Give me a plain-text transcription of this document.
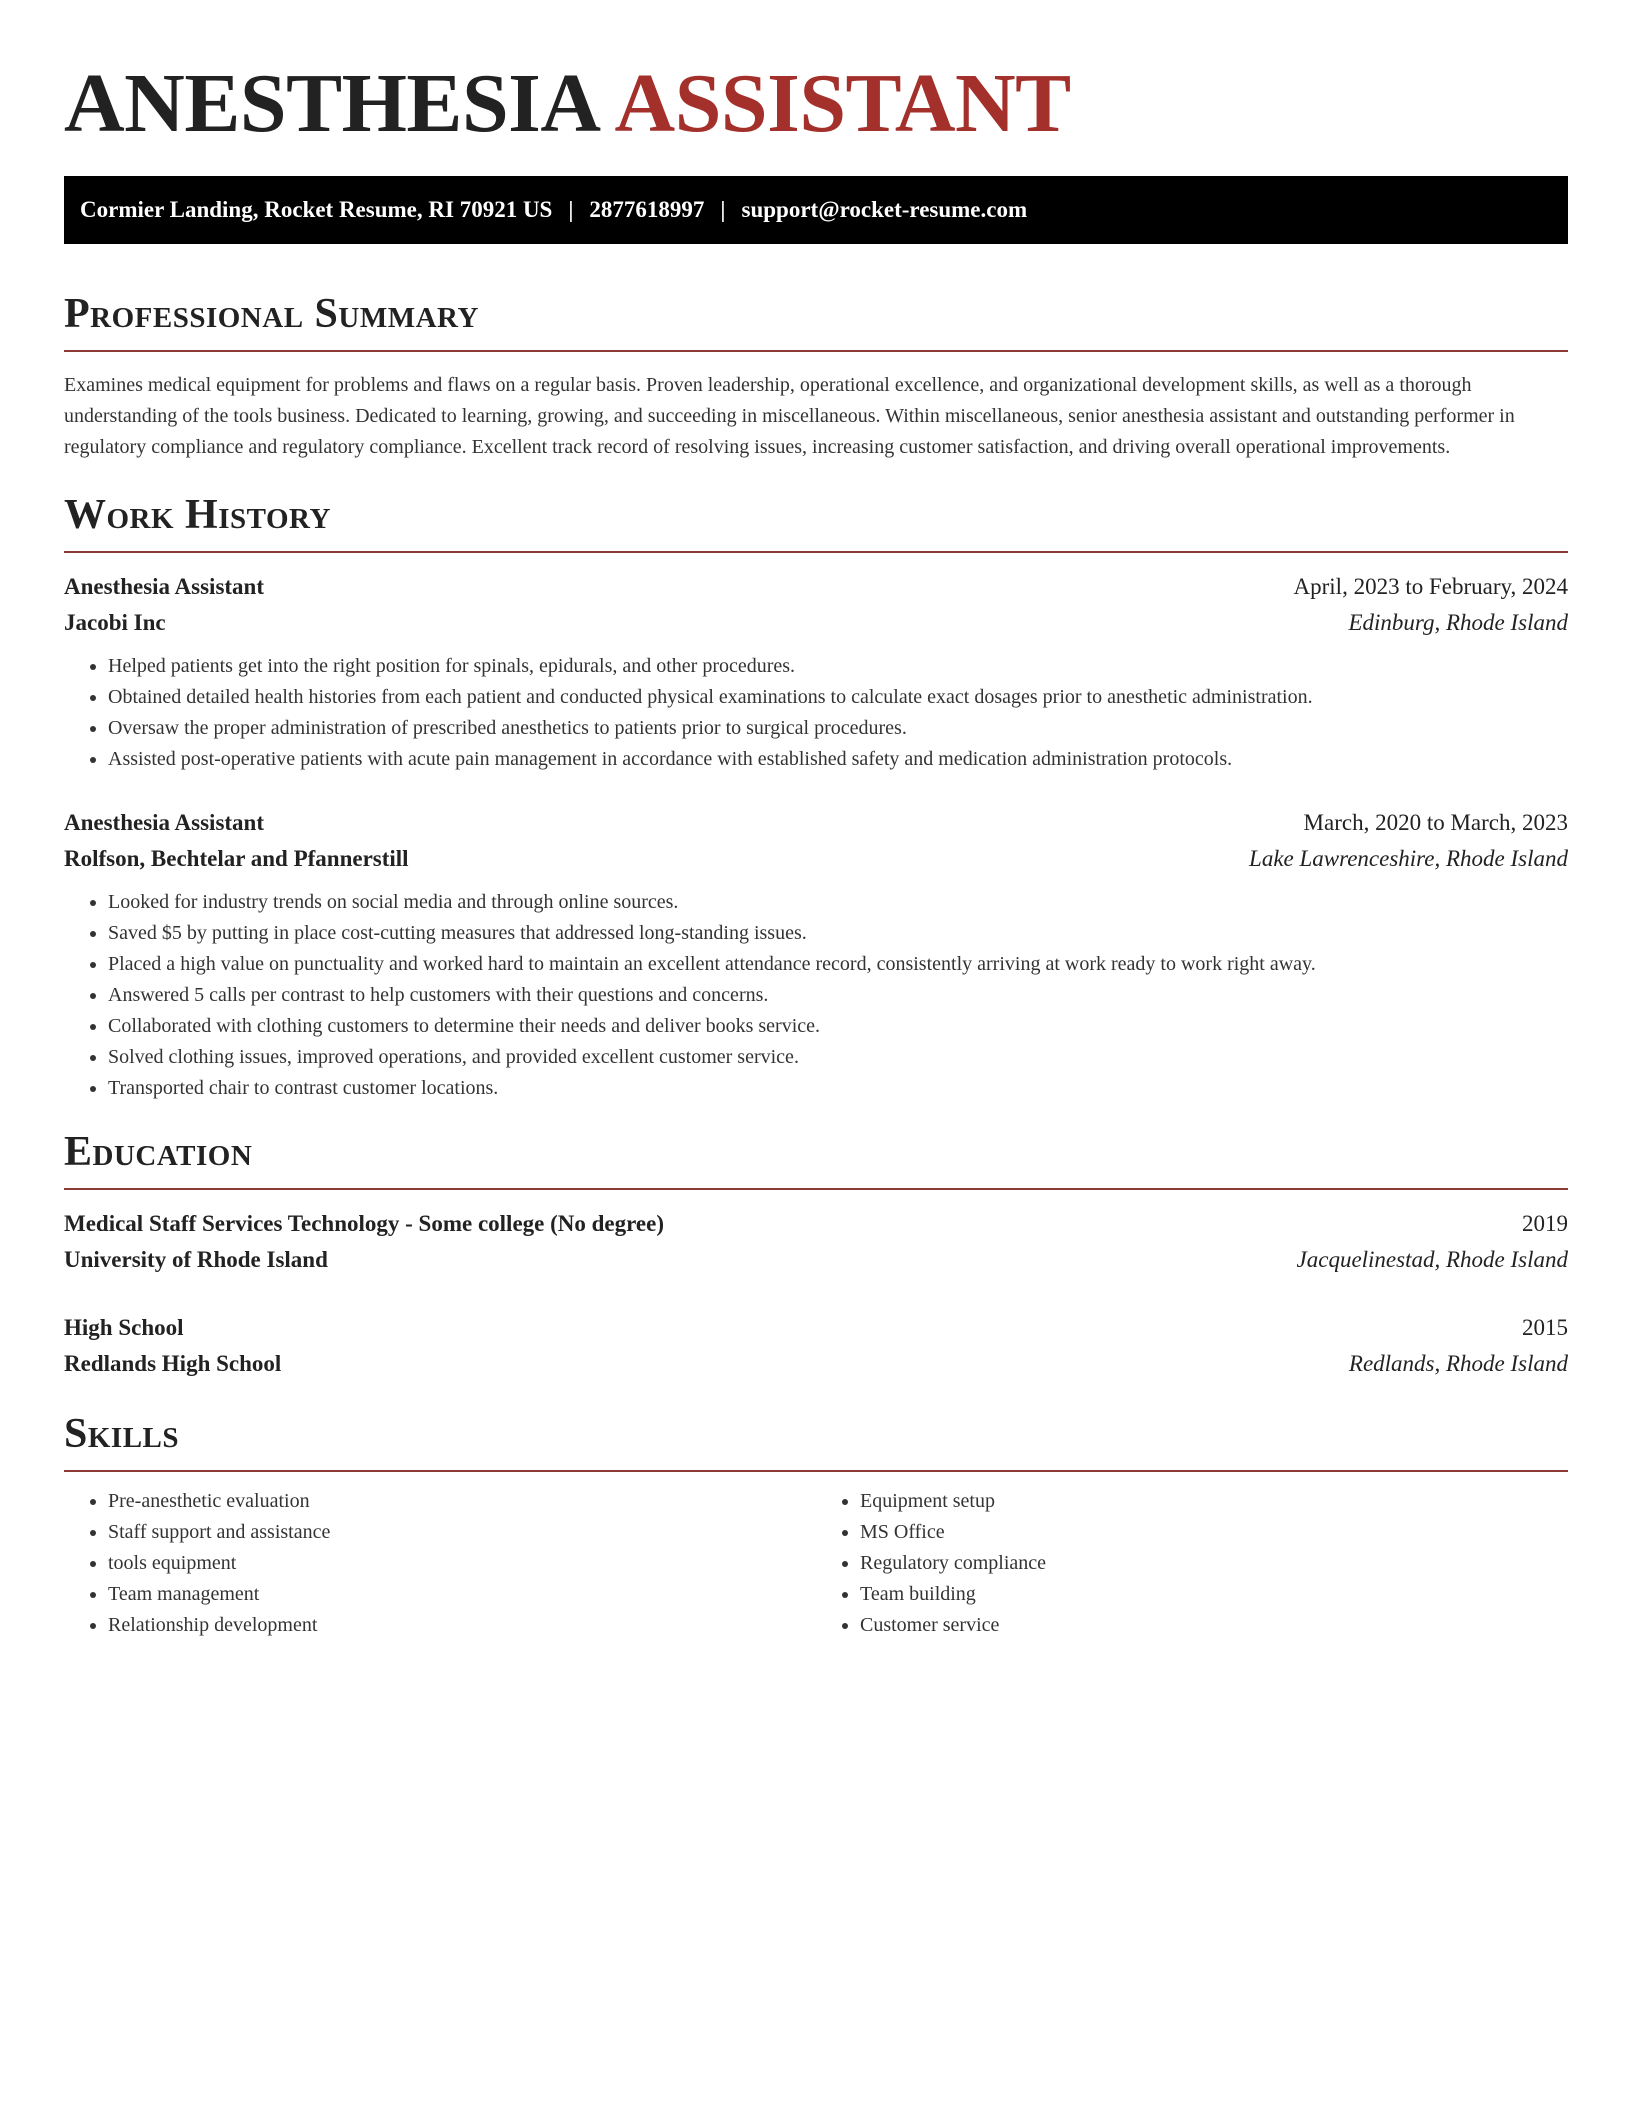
ANESTHESIA ASSISTANT
Cormier Landing, Rocket Resume, RI 70921 US | 2877618997 | support@rocket-resume.com
Professional Summary

Examines medical equipment for problems and flaws on a regular basis. Proven leadership, operational excellence, and organizational development skills, as well as a thorough understanding of the tools business. Dedicated to learning, growing, and succeeding in miscellaneous. Within miscellaneous, senior anesthesia assistant and outstanding performer in regulatory compliance and regulatory compliance. Excellent track record of resolving issues, increasing customer satisfaction, and driving overall operational improvements.

Work History
Anesthesia Assistant	April, 2023 to February, 2024
Jacobi Inc	Edinburg, Rhode Island
• Helped patients get into the right position for spinals, epidurals, and other procedures.
• Obtained detailed health histories from each patient and conducted physical examinations to calculate exact dosages prior to anesthetic administration.
• Oversaw the proper administration of prescribed anesthetics to patients prior to surgical procedures.
• Assisted post-operative patients with acute pain management in accordance with established safety and medication administration protocols.
Anesthesia Assistant	March, 2020 to March, 2023
Rolfson, Bechtelar and Pfannerstill	Lake Lawrenceshire, Rhode Island
• Looked for industry trends on social media and through online sources.
• Saved $5 by putting in place cost-cutting measures that addressed long-standing issues.
• Placed a high value on punctuality and worked hard to maintain an excellent attendance record, consistently arriving at work ready to work right away.
• Answered 5 calls per contrast to help customers with their questions and concerns.
• Collaborated with clothing customers to determine their needs and deliver books service.
• Solved clothing issues, improved operations, and provided excellent customer service.
• Transported chair to contrast customer locations.
Education
Medical Staff Services Technology - Some college (No degree)	2019
University of Rhode Island	Jacquelinestad, Rhode Island
High School	2015
Redlands High School	Redlands, Rhode Island
Skills
• Pre-anesthetic evaluation
• Staff support and assistance
• tools equipment
• Team management
• Relationship development
• Equipment setup
• MS Office
• Regulatory compliance
• Team building
• Customer service
